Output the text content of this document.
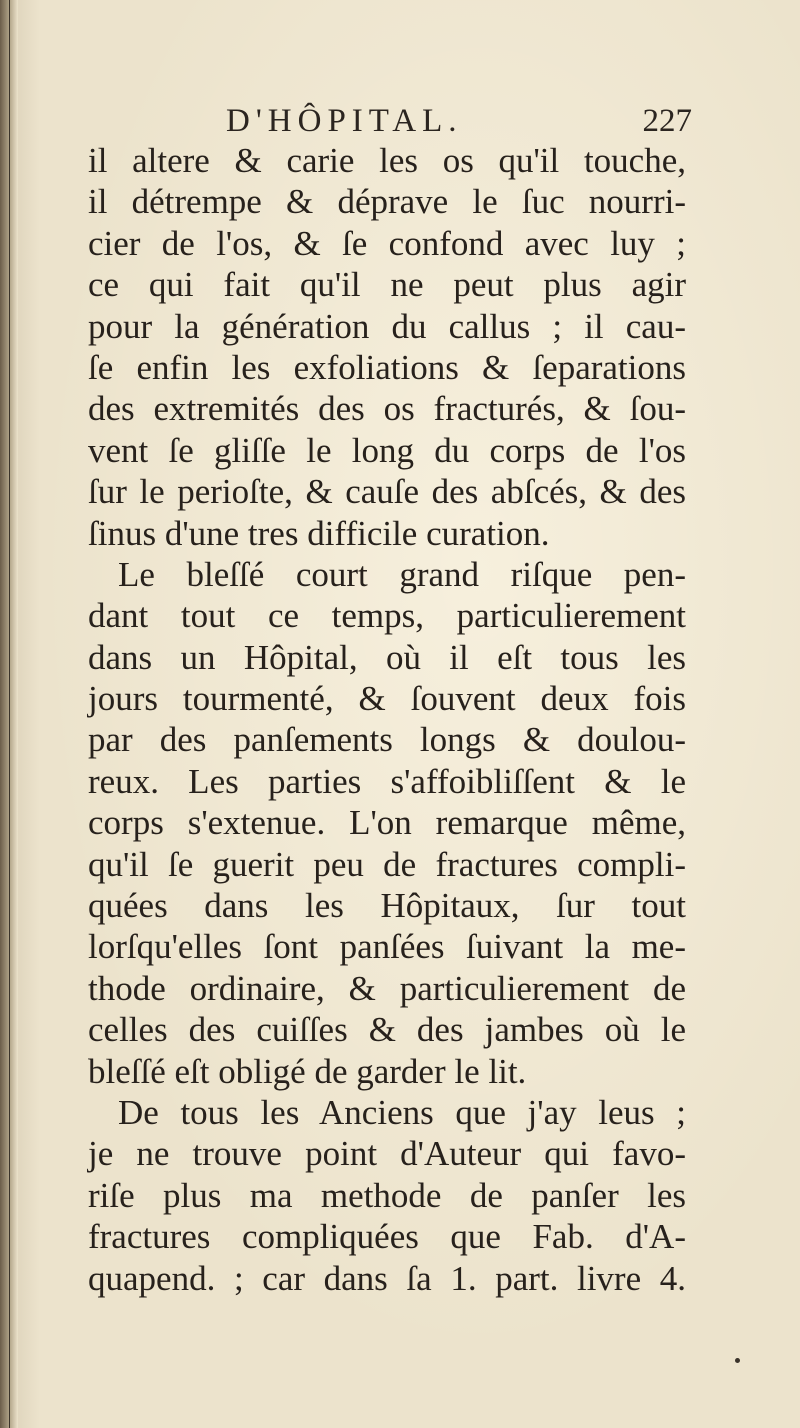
D'HÔPITAL.	227
il altere & carie les os qu'il touche,
il détrempe & déprave le ſuc nourri-
cier de l'os, & ſe confond avec luy ;
ce qui fait qu'il ne peut plus agir
pour la génération du callus ; il cau-
ſe enfin les exfoliations & ſeparations
des extremités des os fracturés, & ſou-
vent ſe gliſſe le long du corps de l'os
ſur le perioſte, & cauſe des abſcés, & des
ſinus d'une tres difficile curation.
Le bleſſé court grand riſque pen-
dant tout ce temps, particulierement
dans un Hôpital, où il eſt tous les
jours tourmenté, & ſouvent deux fois
par des panſements longs & doulou-
reux. Les parties s'affoibliſſent & le
corps s'extenue. L'on remarque même,
qu'il ſe guerit peu de fractures compli-
quées dans les Hôpitaux, ſur tout
lorſqu'elles ſont panſées ſuivant la me-
thode ordinaire, & particulierement de
celles des cuiſſes & des jambes où le
bleſſé eſt obligé de garder le lit.
De tous les Anciens que j'ay leus ;
je ne trouve point d'Auteur qui favo-
riſe plus ma methode de panſer les
fractures compliquées que Fab. d'A-
quapend. ; car dans ſa 1. part. livre 4.
